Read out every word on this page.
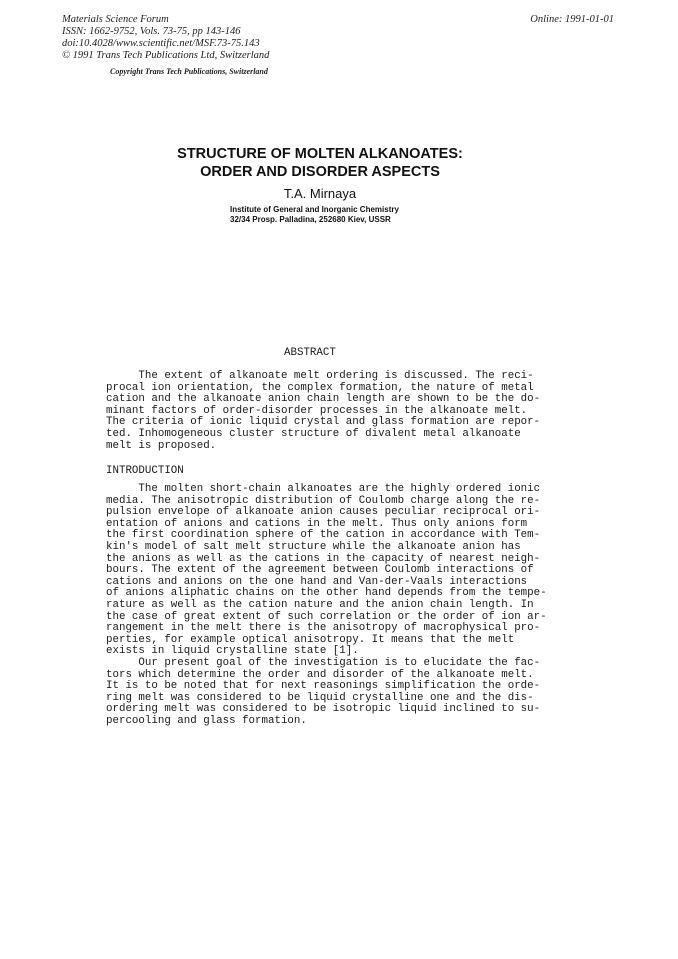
Materials Science Forum
ISSN: 1662-9752, Vols. 73-75, pp 143-146
doi:10.4028/www.scientific.net/MSF.73-75.143
© 1991 Trans Tech Publications Ltd, Switzerland
Copyright Trans Tech Publications, Switzerland
Online: 1991-01-01
STRUCTURE OF MOLTEN ALKANOATES:
ORDER AND DISORDER ASPECTS
T.A. Mirnaya
Institute of General and Inorganic Chemistry
32/34 Prosp. Palladina, 252680 Kiev, USSR
ABSTRACT
The extent of alkanoate melt ordering is discussed. The reci-
procal ion orientation, the complex formation, the nature of metal
cation and the alkanoate anion chain length are shown to be the do-
minant factors of order-disorder processes in the alkanoate melt.
The criteria of ionic liquid crystal and glass formation are repor-
ted. Inhomogeneous cluster structure of divalent metal alkanoate
melt is proposed.
INTRODUCTION
The molten short-chain alkanoates are the highly ordered ionic
media. The anisotropic distribution of Coulomb charge along the re-
pulsion envelope of alkanoate anion causes peculiar reciprocal ori-
entation of anions and cations in the melt. Thus only anions form
the first coordination sphere of the cation in accordance with Tem-
kin's model of salt melt structure while the alkanoate anion has
the anions as well as the cations in the capacity of nearest neigh-
bours. The extent of the agreement between Coulomb interactions of
cations and anions on the one hand and Van-der-Vaals interactions
of anions aliphatic chains on the other hand depends from the tempe-
rature as well as the cation nature and the anion chain length. In
the case of great extent of such correlation or the order of ion ar-
rangement in the melt there is the anisotropy of macrophysical pro-
perties, for example optical anisotropy. It means that the melt
exists in liquid crystalline state [1].
Our present goal of the investigation is to elucidate the fac-
tors which determine the order and disorder of the alkanoate melt.
It is to be noted that for next reasonings simplification the orde-
ring melt was considered to be liquid crystalline one and the dis-
ordering melt was considered to be isotropic liquid inclined to su-
percooling and glass formation.
